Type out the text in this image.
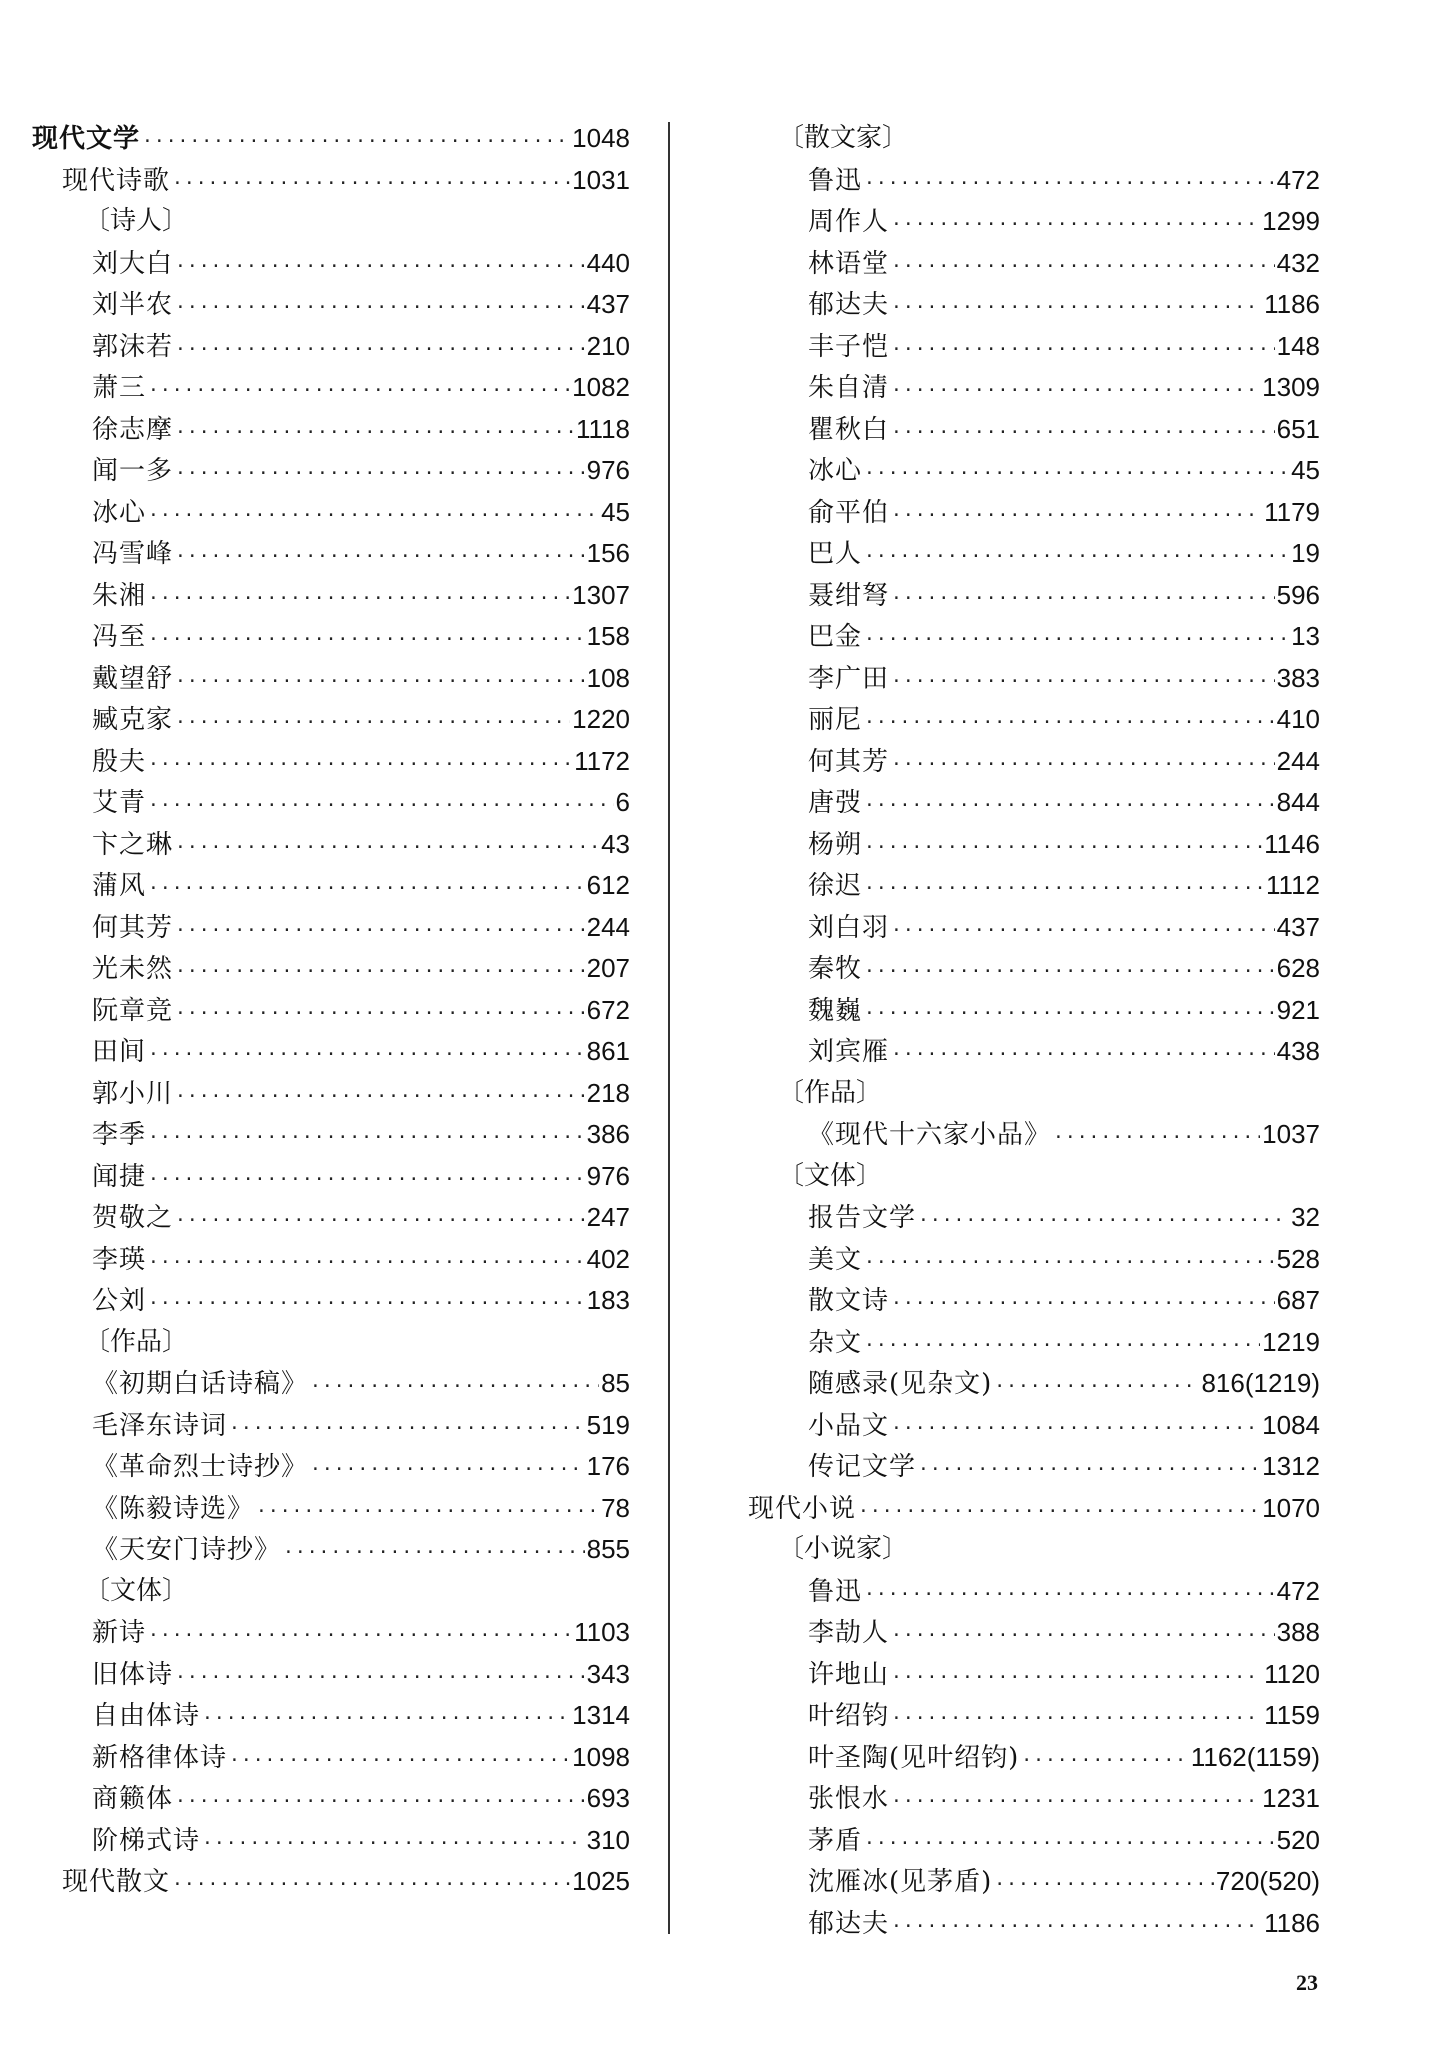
现代文学 ·····	1048
现代诗歌 ·····	1031
〔诗人〕
刘大白 ·····	440
刘半农 ·····	437
郭沫若 ·····	210
萧三 ·····	1082
徐志摩 ·····	1118
闻一多 ·····	976
冰心 ·····	45
冯雪峰 ·····	156
朱湘 ·····	1307
冯至 ·····	158
戴望舒 ·····	108
臧克家 ·····	1220
殷夫 ·····	1172
艾青 ·····	6
卞之琳 ·····	43
蒲风 ·····	612
何其芳 ·····	244
光未然 ·····	207
阮章竞 ·····	672
田间 ·····	861
郭小川 ·····	218
李季 ·····	386
闻捷 ·····	976
贺敬之 ·····	247
李瑛 ·····	402
公刘 ·····	183
〔作品〕
《初期白话诗稿》 ·····	85
毛泽东诗词 ·····	519
《革命烈士诗抄》 ·····	176
《陈毅诗选》 ·····	78
《天安门诗抄》 ·····	855
〔文体〕
新诗 ·····	1103
旧体诗 ·····	343
自由体诗 ·····	1314
新格律体诗 ·····	1098
商籁体 ·····	693
阶梯式诗 ·····	310
现代散文 ·····	1025
〔散文家〕
鲁迅 ·····	472
周作人 ·····	1299
林语堂 ·····	432
郁达夫 ·····	1186
丰子恺 ·····	148
朱自清 ·····	1309
瞿秋白 ·····	651
冰心 ·····	45
俞平伯 ·····	1179
巴人 ·····	19
聂绀弩 ·····	596
巴金 ·····	13
李广田 ·····	383
丽尼 ·····	410
何其芳 ·····	244
唐弢 ·····	844
杨朔 ·····	1146
徐迟 ·····	1112
刘白羽 ·····	437
秦牧 ·····	628
魏巍 ·····	921
刘宾雁 ·····	438
〔作品〕
《现代十六家小品》 ·····	1037
〔文体〕
报告文学 ·····	32
美文 ·····	528
散文诗 ·····	687
杂文 ·····	1219
随感录(见杂文) ·····	816(1219)
小品文 ·····	1084
传记文学 ·····	1312
现代小说 ·····	1070
〔小说家〕
鲁迅 ·····	472
李劼人 ·····	388
许地山 ·····	1120
叶绍钧 ·····	1159
叶圣陶(见叶绍钧) ·····	1162(1159)
张恨水 ·····	1231
茅盾 ·····	520
沈雁冰(见茅盾) ·····	720(520)
郁达夫 ·····	1186
23
